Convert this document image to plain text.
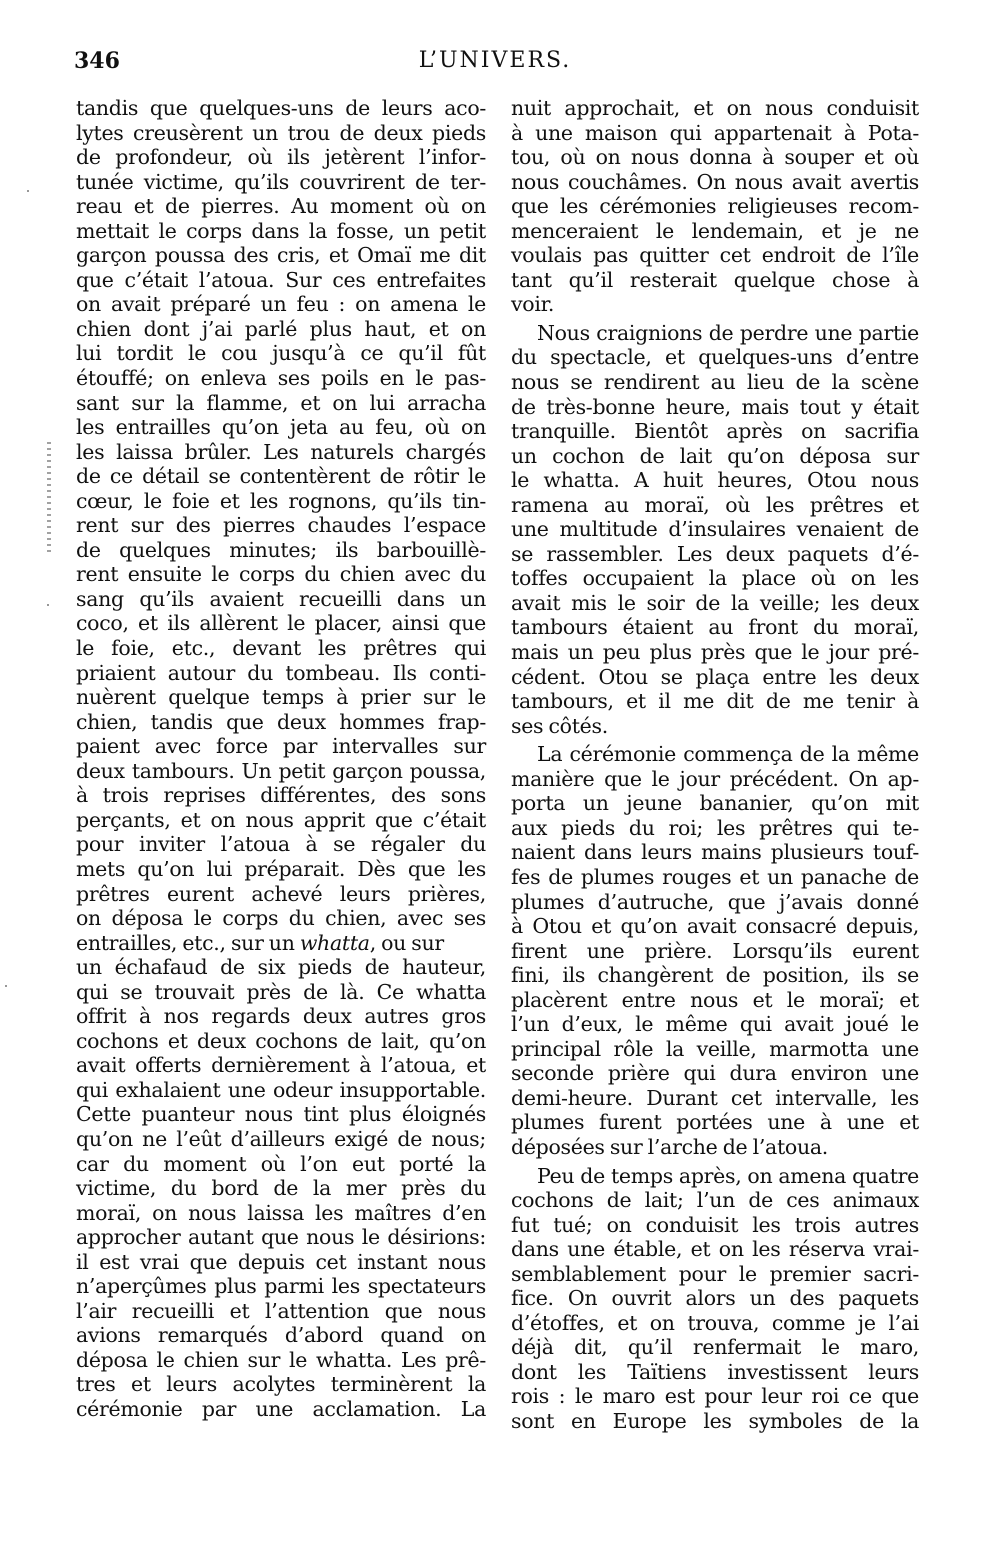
346	L’UNIVERS.
tandis que quelques-uns de leurs aco-
lytes creusèrent un trou de deux pieds
de profondeur, où ils jetèrent l’infor-
tunée victime, qu’ils couvrirent de ter-
reau et de pierres. Au moment où on
mettait le corps dans la fosse, un petit
garçon poussa des cris, et Omaï me dit
que c’était l’atoua. Sur ces entrefaites
on avait préparé un feu : on amena le
chien dont j’ai parlé plus haut, et on
lui tordit le cou jusqu’à ce qu’il fût
étouffé; on enleva ses poils en le pas-
sant sur la flamme, et on lui arracha
les entrailles qu’on jeta au feu, où on
les laissa brûler. Les naturels chargés
de ce détail se contentèrent de rôtir le
cœur, le foie et les rognons, qu’ils tin-
rent sur des pierres chaudes l’espace
de quelques minutes; ils barbouillè-
rent ensuite le corps du chien avec du
sang qu’ils avaient recueilli dans un
coco, et ils allèrent le placer, ainsi que
le foie, etc., devant les prêtres qui
priaient autour du tombeau. Ils conti-
nuèrent quelque temps à prier sur le
chien, tandis que deux hommes frap-
paient avec force par intervalles sur
deux tambours. Un petit garçon poussa,
à trois reprises différentes, des sons
perçants, et on nous apprit que c’était
pour inviter l’atoua à se régaler du
mets qu’on lui préparait. Dès que les
prêtres eurent achevé leurs prières,
on déposa le corps du chien, avec ses
entrailles, etc., sur un whatta, ou sur
un échafaud de six pieds de hauteur,
qui se trouvait près de là. Ce whatta
offrit à nos regards deux autres gros
cochons et deux cochons de lait, qu’on
avait offerts dernièrement à l’atoua, et
qui exhalaient une odeur insupportable.
Cette puanteur nous tint plus éloignés
qu’on ne l’eût d’ailleurs exigé de nous;
car du moment où l’on eut porté la
victime, du bord de la mer près du
moraï, on nous laissa les maîtres d’en
approcher autant que nous le désirions:
il est vrai que depuis cet instant nous
n’aperçûmes plus parmi les spectateurs
l’air recueilli et l’attention que nous
avions remarqués d’abord quand on
déposa le chien sur le whatta. Les prê-
tres et leurs acolytes terminèrent la
cérémonie par une acclamation. La
nuit approchait, et on nous conduisit
à une maison qui appartenait à Pota-
tou, où on nous donna à souper et où
nous couchâmes. On nous avait avertis
que les cérémonies religieuses recom-
menceraient le lendemain, et je ne
voulais pas quitter cet endroit de l’île
tant qu’il resterait quelque chose à
voir.
Nous craignions de perdre une partie
du spectacle, et quelques-uns d’entre
nous se rendirent au lieu de la scène
de très-bonne heure, mais tout y était
tranquille. Bientôt après on sacrifia
un cochon de lait qu’on déposa sur
le whatta. A huit heures, Otou nous
ramena au moraï, où les prêtres et
une multitude d’insulaires venaient de
se rassembler. Les deux paquets d’é-
toffes occupaient la place où on les
avait mis le soir de la veille; les deux
tambours étaient au front du moraï,
mais un peu plus près que le jour pré-
cédent. Otou se plaça entre les deux
tambours, et il me dit de me tenir à
ses côtés.
La cérémonie commença de la même
manière que le jour précédent. On ap-
porta un jeune bananier, qu’on mit
aux pieds du roi; les prêtres qui te-
naient dans leurs mains plusieurs touf-
fes de plumes rouges et un panache de
plumes d’autruche, que j’avais donné
à Otou et qu’on avait consacré depuis,
firent une prière. Lorsqu’ils eurent
fini, ils changèrent de position, ils se
placèrent entre nous et le moraï; et
l’un d’eux, le même qui avait joué le
principal rôle la veille, marmotta une
seconde prière qui dura environ une
demi-heure. Durant cet intervalle, les
plumes furent portées une à une et
déposées sur l’arche de l’atoua.
Peu de temps après, on amena quatre
cochons de lait; l’un de ces animaux
fut tué; on conduisit les trois autres
dans une étable, et on les réserva vrai-
semblablement pour le premier sacri-
fice. On ouvrit alors un des paquets
d’étoffes, et on trouva, comme je l’ai
déjà dit, qu’il renfermait le maro,
dont les Taïtiens investissent leurs
rois : le maro est pour leur roi ce que
sont en Europe les symboles de la
